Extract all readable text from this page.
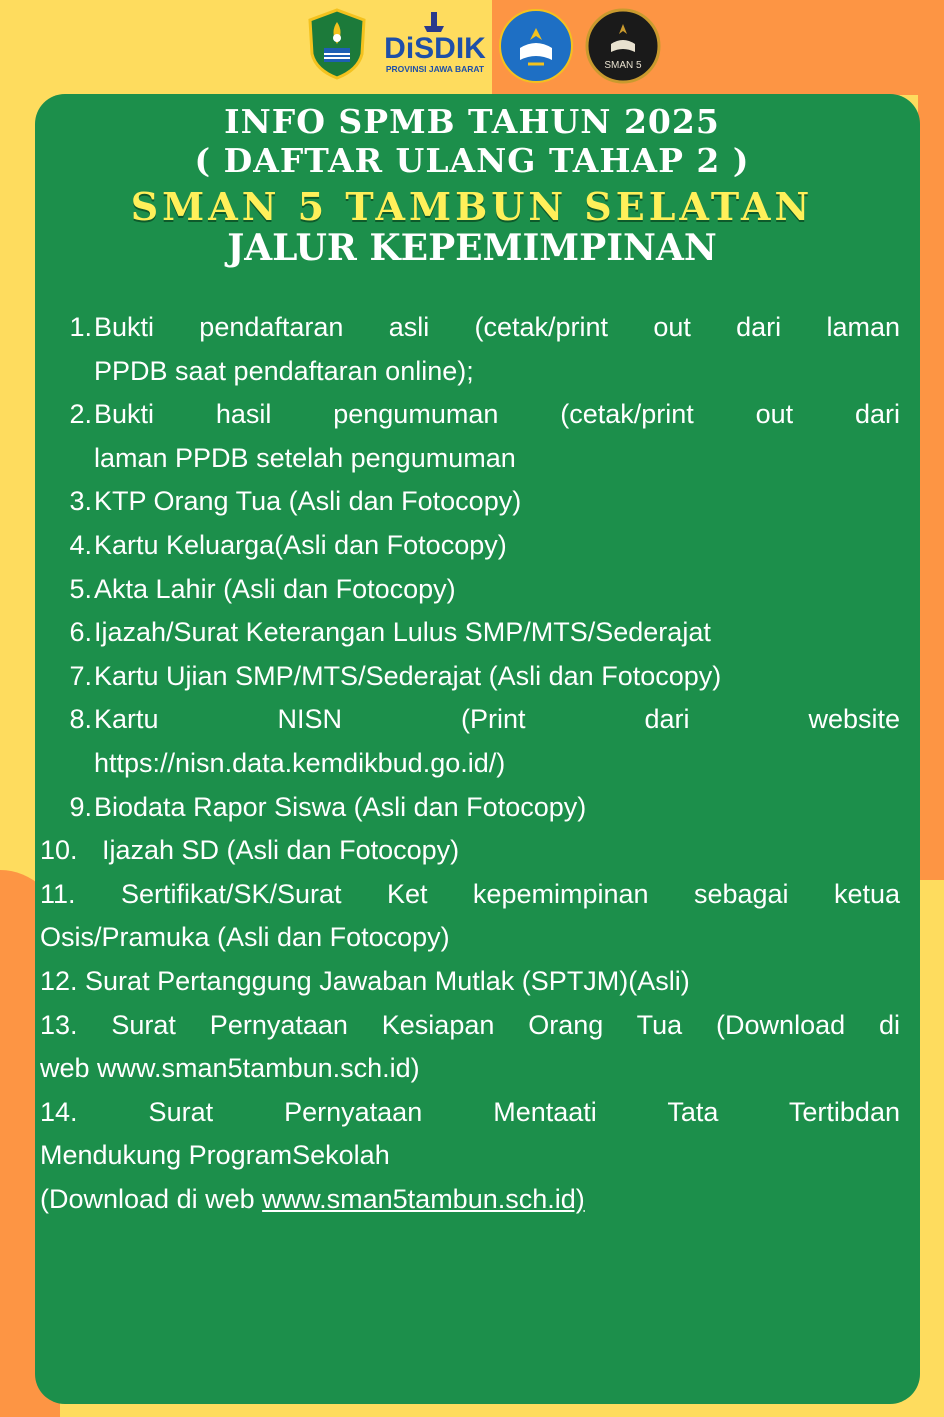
DiSDIK
PROVINSI JAWA BARAT	SMAN 5
INFO SPMB TAHUN 2025
( DAFTAR ULANG TAHAP 2 )
SMAN 5 TAMBUN SELATAN
JALUR KEPEMIMPINAN
1. Bukti pendaftaran asli (cetak/print out dari laman
PPDB saat pendaftaran online);
2. Bukti hasil pengumuman (cetak/print out dari
laman PPDB setelah pengumuman
3. KTP Orang Tua (Asli dan Fotocopy)
4. Kartu Keluarga(Asli dan Fotocopy)
5. Akta Lahir (Asli dan Fotocopy)
6. Ijazah/Surat Keterangan Lulus SMP/MTS/Sederajat
7. Kartu Ujian SMP/MTS/Sederajat (Asli dan Fotocopy)
8. Kartu NISN (Print dari website
https://nisn.data.kemdikbud.go.id/)
9. Biodata Rapor Siswa (Asli dan Fotocopy)
10. Ijazah SD (Asli dan Fotocopy)
11. Sertifikat/SK/Surat Ket kepemimpinan sebagai ketua
Osis/Pramuka (Asli dan Fotocopy)
12. Surat Pertanggung Jawaban Mutlak (SPTJM)(Asli)
13. Surat Pernyataan Kesiapan Orang Tua (Download di
web www.sman5tambun.sch.id)
14. Surat Pernyataan Mentaati Tata Tertibdan
Mendukung ProgramSekolah
(Download di web www.sman5tambun.sch.id)
